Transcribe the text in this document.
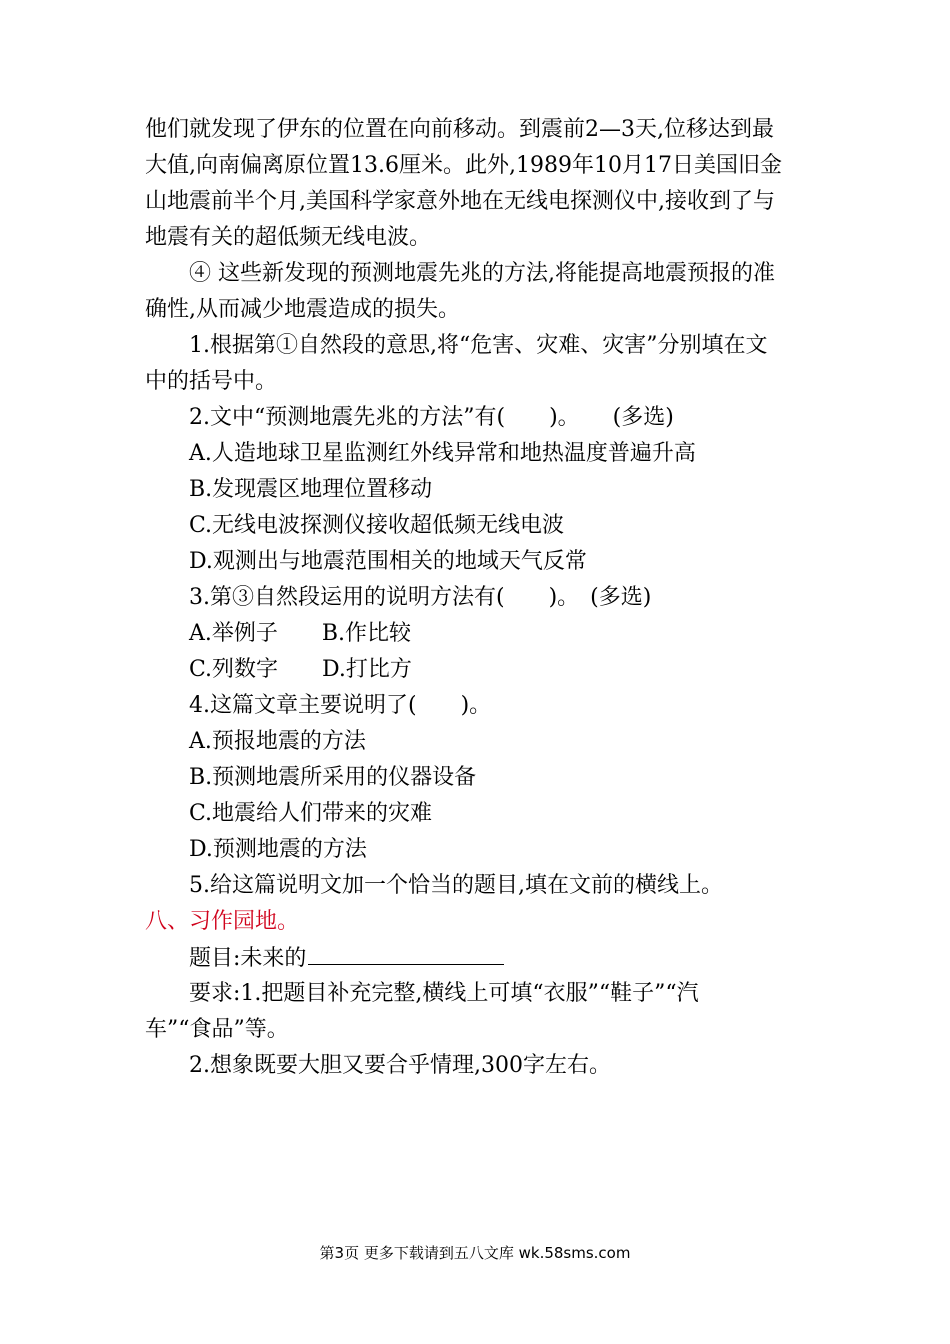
他们就发现了伊东的位置在向前移动。到震前2—3天,位移达到最
大值,向南偏离原位置13.6厘米。此外,1989年10月17日美国旧金
山地震前半个月,美国科学家意外地在无线电探测仪中,接收到了与
地震有关的超低频无线电波。
④ 这些新发现的预测地震先兆的方法,将能提高地震预报的准
确性,从而减少地震造成的损失。
1.根据第①自然段的意思,将“危害、灾难、灾害”分别填在文
中的括号中。
2.文中“预测地震先兆的方法”有(　　)。　　(多选)
A.人造地球卫星监测红外线异常和地热温度普遍升高
B.发现震区地理位置移动
C.无线电波探测仪接收超低频无线电波
D.观测出与地震范围相关的地域天气反常
3.第③自然段运用的说明方法有(　　)。　(多选)
A.举例子 B.作比较
C.列数字 D.打比方
4.这篇文章主要说明了(　　)。
A.预报地震的方法
B.预测地震所采用的仪器设备
C.地震给人们带来的灾难
D.预测地震的方法
5.给这篇说明文加一个恰当的题目,填在文前的横线上。
八、习作园地。
题目:未来的
要求:1.把题目补充完整,横线上可填“衣服”“鞋子”“汽
车”“食品”等。
2.想象既要大胆又要合乎情理,300字左右。
第3页 更多下载请到五八文库 wk.58sms.com
